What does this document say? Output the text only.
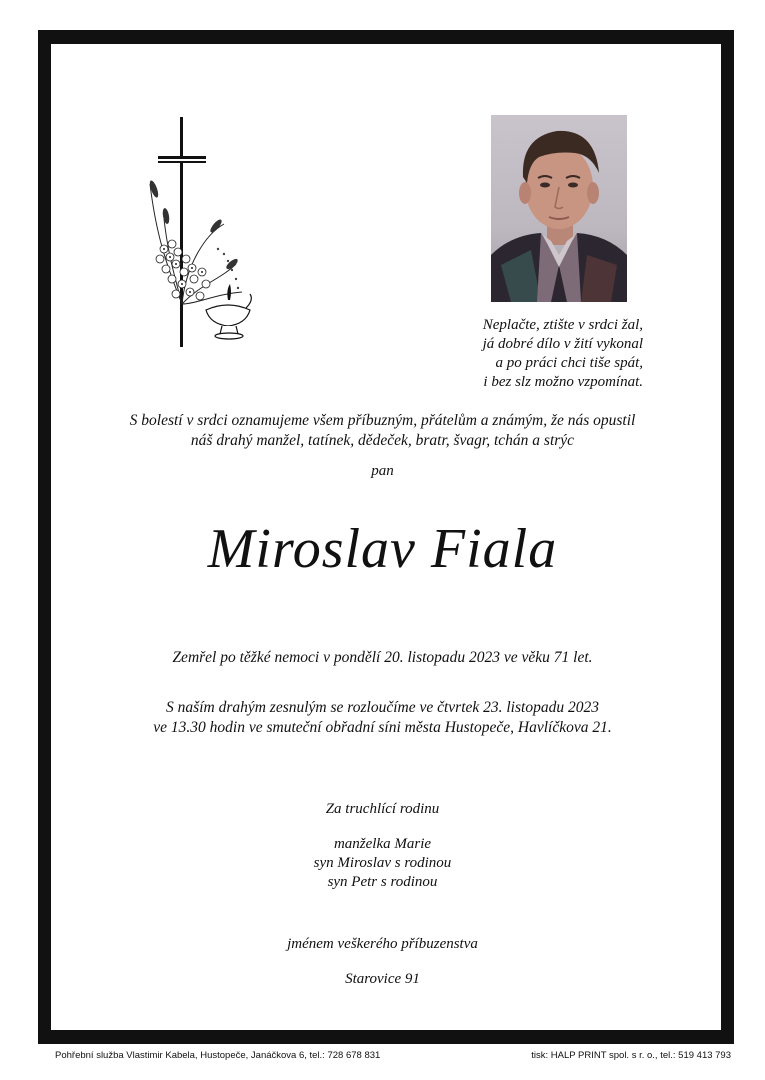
Neplačte, ztište v srdci žal,
já dobré dílo v žití vykonal
a po práci chci tiše spát,
i bez slz možno vzpomínat.
S bolestí v srdci oznamujeme všem příbuzným, přátelům a známým, že nás opustil
náš drahý manžel, tatínek, dědeček, bratr, švagr, tchán a strýc
pan
Miroslav Fiala
Zemřel po těžké nemoci v pondělí 20. listopadu 2023 ve věku 71 let.
S naším drahým zesnulým se rozloučíme ve čtvrtek 23. listopadu 2023
ve 13.30 hodin ve smuteční obřadní síni města Hustopeče, Havlíčkova 21.
Za truchlící rodinu
manželka Marie
syn Miroslav s rodinou
syn Petr s rodinou
jménem veškerého příbuzenstva
Starovice 91
Pohřební služba Vlastimir Kabela, Hustopeče, Janáčkova 6, tel.: 728 678 831	tisk: HALP PRINT spol. s r. o., tel.: 519 413 793
